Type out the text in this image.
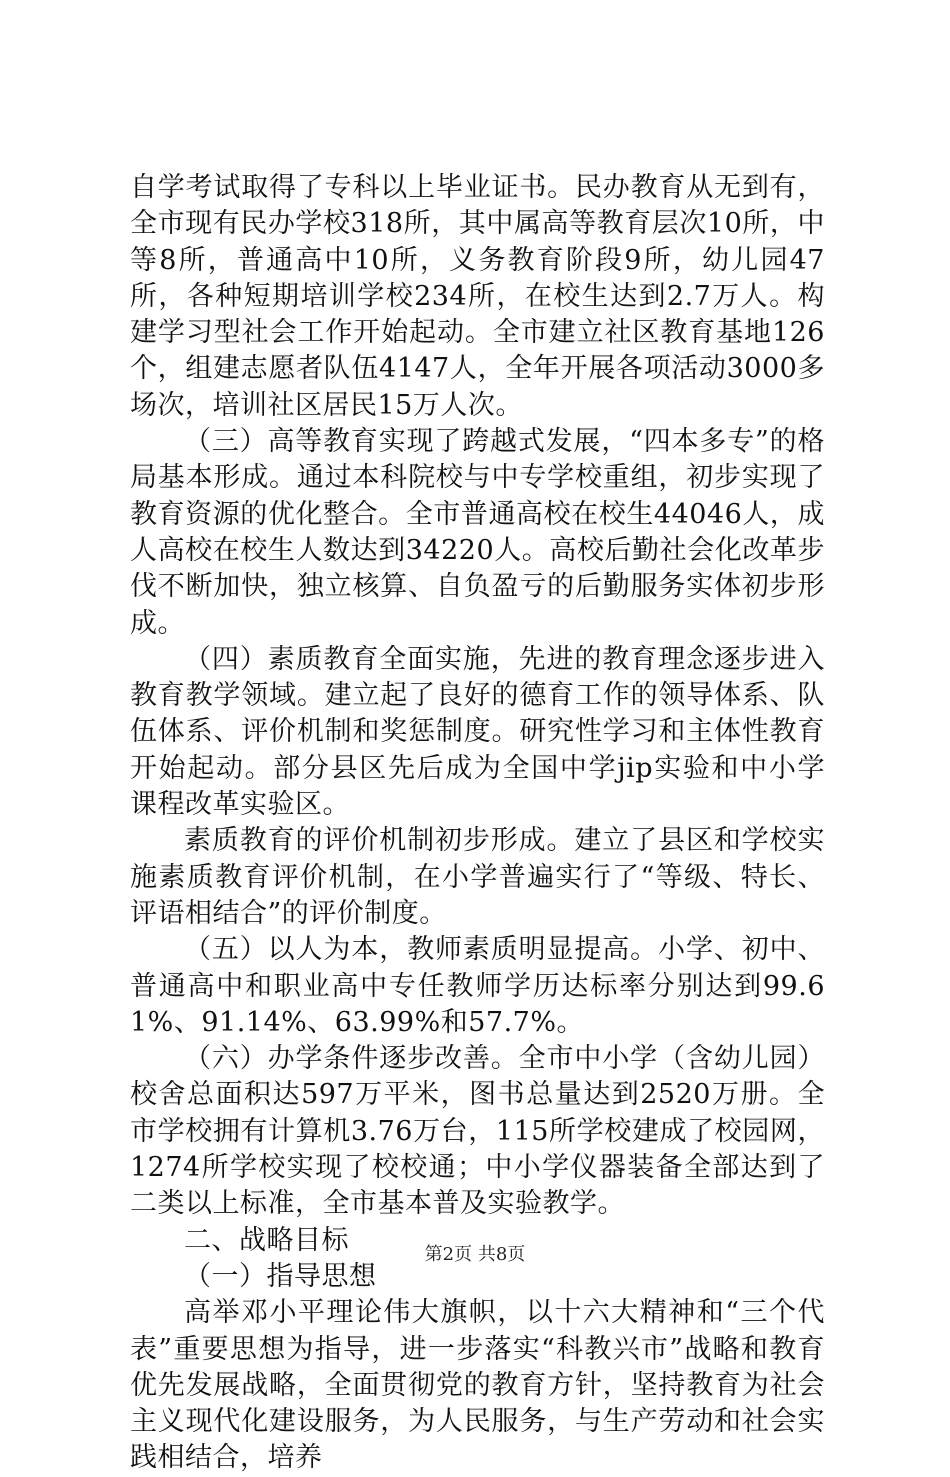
自学考试取得了专科以上毕业证书。民办教育从无到有，全市现有民办学校318所，其中属高等教育层次10所，中等8所，普通高中10所，义务教育阶段9所，幼儿园47所，各种短期培训学校234所，在校生达到2.7万人。构建学习型社会工作开始起动。全市建立社区教育基地126个，组建志愿者队伍4147人，全年开展各项活动3000多场次，培训社区居民15万人次。

（三）高等教育实现了跨越式发展，“四本多专”的格局基本形成。通过本科院校与中专学校重组，初步实现了教育资源的优化整合。全市普通高校在校生44046人，成人高校在校生人数达到34220人。高校后勤社会化改革步伐不断加快，独立核算、自负盈亏的后勤服务实体初步形成。

（四）素质教育全面实施，先进的教育理念逐步进入教育教学领域。建立起了良好的德育工作的领导体系、队伍体系、评价机制和奖惩制度。研究性学习和主体性教育开始起动。部分县区先后成为全国中学jip实验和中小学课程改革实验区。

素质教育的评价机制初步形成。建立了县区和学校实施素质教育评价机制，在小学普遍实行了“等级、特长、评语相结合”的评价制度。

（五）以人为本，教师素质明显提高。小学、初中、普通高中和职业高中专任教师学历达标率分别达到99.61%、91.14%、63.99%和57.7%。

（六）办学条件逐步改善。全市中小学（含幼儿园）校舍总面积达597万平米，图书总量达到2520万册。全市学校拥有计算机3.76万台，115所学校建成了校园网，1274所学校实现了校校通；中小学仪器装备全部达到了二类以上标准，全市基本普及实验教学。

二、战略目标

（一）指导思想

高举邓小平理论伟大旗帜，以十六大精神和“三个代表”重要思想为指导，进一步落实“科教兴市”战略和教育优先发展战略，全面贯彻党的教育方针，坚持教育为社会主义现代化建设服务，为人民服务，与生产劳动和社会实践相结合，培养

第2页 共8页
